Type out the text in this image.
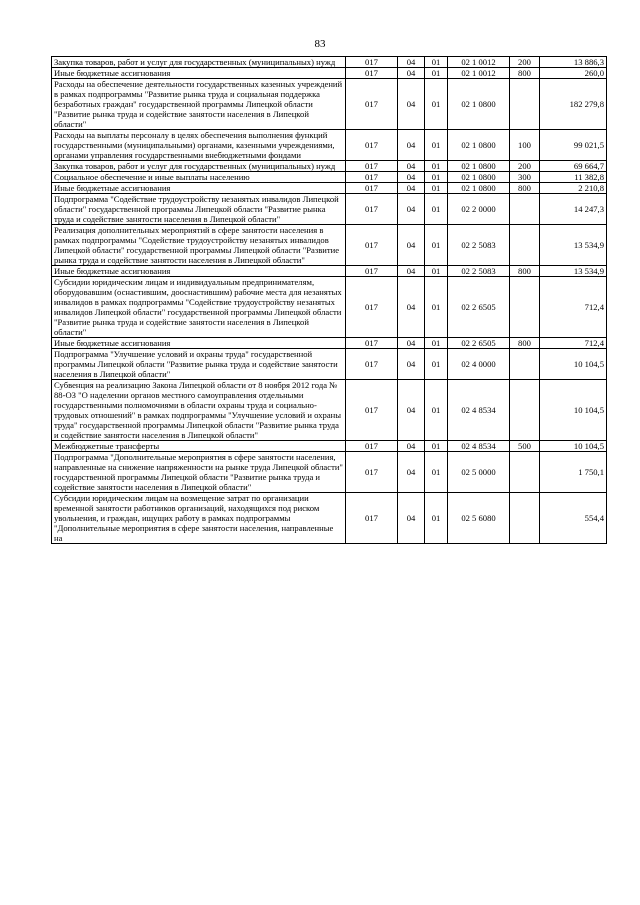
83
Закупка товаров, работ и услуг для государственных (муниципальных) нужд	017	04	01	02 1 0012	200	13 886,3
Иные бюджетные ассигнования	017	04	01	02 1 0012	800	260,0
Расходы на обеспечение деятельности государственных казенных учреждений в рамках подпрограммы "Развитие рынка труда и социальная поддержка безработных граждан" государственной программы Липецкой области "Развитие рынка труда и содействие занятости населения в Липецкой области"	017	04	01	02 1 0800		182 279,8
Расходы на выплаты персоналу в целях обеспечения выполнения функций государственными (муниципальными) органами, казенными учреждениями, органами управления государственными внебюджетными фондами	017	04	01	02 1 0800	100	99 021,5
Закупка товаров, работ и услуг для государственных (муниципальных) нужд	017	04	01	02 1 0800	200	69 664,7
Социальное обеспечение и иные выплаты населению	017	04	01	02 1 0800	300	11 382,8
Иные бюджетные ассигнования	017	04	01	02 1 0800	800	2 210,8
Подпрограмма "Содействие трудоустройству незанятых инвалидов Липецкой области" государственной программы Липецкой области "Развитие рынка труда и содействие занятости населения в Липецкой области"	017	04	01	02 2 0000		14 247,3
Реализация дополнительных мероприятий в сфере занятости населения в рамках подпрограммы "Содействие трудоустройству незанятых инвалидов Липецкой области" государственной программы Липецкой области "Развитие рынка труда и содействие занятости населения в Липецкой области"	017	04	01	02 2 5083		13 534,9
Иные бюджетные ассигнования	017	04	01	02 2 5083	800	13 534,9
Субсидии юридическим лицам и индивидуальным предпринимателям, оборудовавшим (оснастившим, дооснастившим) рабочие места для незанятых инвалидов в рамках подпрограммы "Содействие трудоустройству незанятых инвалидов Липецкой области" государственной программы Липецкой области "Развитие рынка труда и содействие занятости населения в Липецкой области"	017	04	01	02 2 6505		712,4
Иные бюджетные ассигнования	017	04	01	02 2 6505	800	712,4
Подпрограмма "Улучшение условий и охраны труда" государственной программы Липецкой области "Развитие рынка труда и содействие занятости населения в Липецкой области"	017	04	01	02 4 0000		10 104,5
Субвенция на реализацию Закона Липецкой области от 8 ноября 2012 года № 88-ОЗ "О наделении органов местного самоуправления отдельными государственными полномочиями в области охраны труда и социально-трудовых отношений" в рамках подпрограммы "Улучшение условий и охраны труда" государственной программы Липецкой области "Развитие рынка труда и содействие занятости населения в Липецкой области"	017	04	01	02 4 8534		10 104,5
Межбюджетные трансферты	017	04	01	02 4 8534	500	10 104,5
Подпрограмма "Дополнительные мероприятия в сфере занятости населения, направленные на снижение напряженности на рынке труда Липецкой области" государственной программы Липецкой области "Развитие рынка труда и содействие занятости населения в Липецкой области"	017	04	01	02 5 0000		1 750,1
Субсидии юридическим лицам на возмещение затрат по организации временной занятости работников организаций, находящихся под риском увольнения, и граждан, ищущих работу в рамках подпрограммы "Дополнительные мероприятия в сфере занятости населения, направленные на	017	04	01	02 5 6080		554,4
